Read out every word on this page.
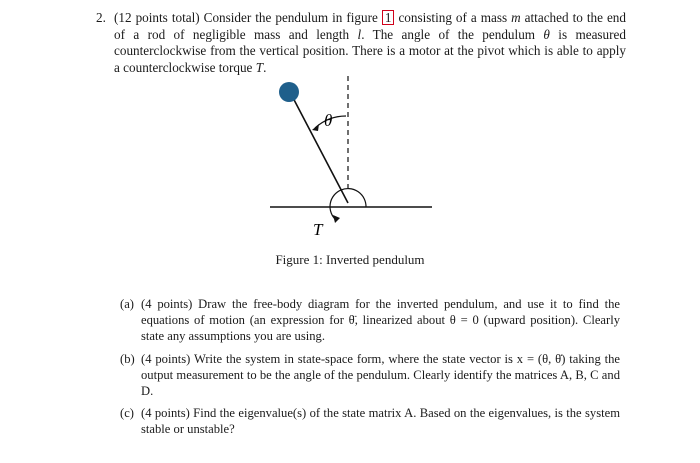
2. (12 points total) Consider the pendulum in figure 1 consisting of a mass m attached to the end of a rod of negligible mass and length l. The angle of the pendulum θ is measured counterclockwise from the vertical position. There is a motor at the pivot which is able to apply a counterclockwise torque T.
θ
T
Figure 1: Inverted pendulum
(a) (4 points) Draw the free-body diagram for the inverted pendulum, and use it to find the equations of motion (an expression for θ̈, linearized about θ = 0 (upward position). Clearly state any assumptions you are using.
(b) (4 points) Write the system in state-space form, where the state vector is x = (θ, θ̇) taking the output measurement to be the angle of the pendulum. Clearly identify the matrices A, B, C and D.
(c) (4 points) Find the eigenvalue(s) of the state matrix A. Based on the eigenvalues, is the system stable or unstable?
